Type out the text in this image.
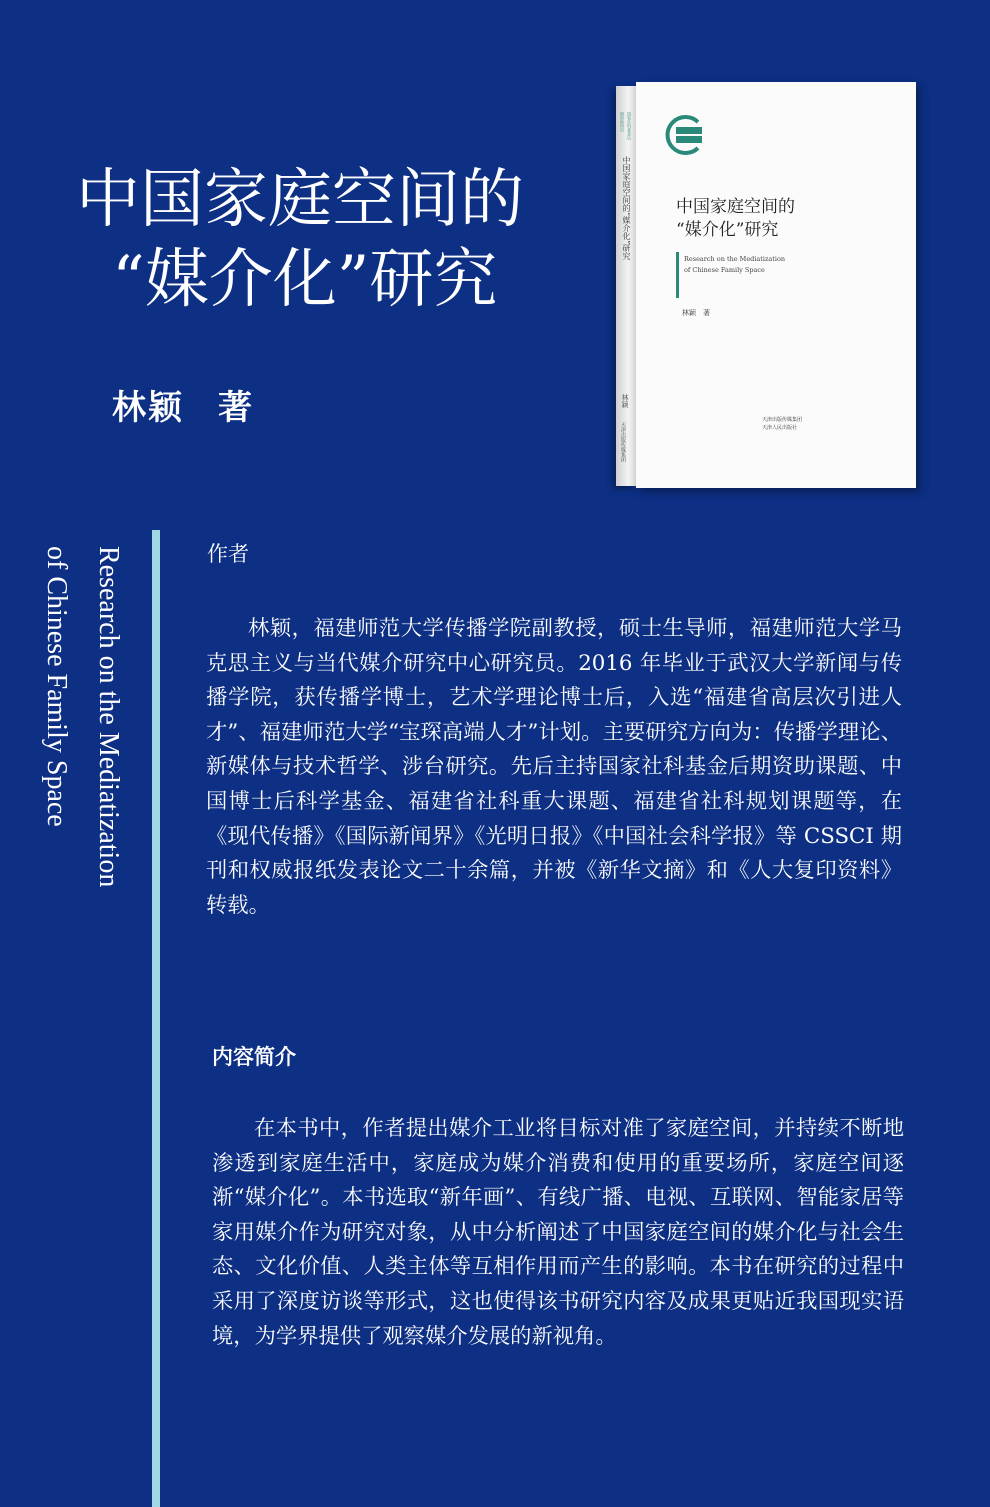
中国家庭空间的
“媒介化”研究
林颖 著
国家社科基金后期资助项目
中国家庭空间的“媒介化”研究
林颖
天津出版传媒集团
中国家庭空间的
“媒介化”研究
Research on the Mediatization
of Chinese Family Space
林颖　著
天津出版传媒集团
天津人民出版社
Research on the Mediatization
of Chinese Family Space	作者

林颖，福建师范大学传播学院副教授，硕士生导师，福建师范大学马克思主义与当代媒介研究中心研究员。2016 年毕业于武汉大学新闻与传播学院，获传播学博士，艺术学理论博士后，入选“福建省高层次引进人才”、福建师范大学“宝琛高端人才”计划。主要研究方向为：传播学理论、新媒体与技术哲学、涉台研究。先后主持国家社科基金后期资助课题、中国博士后科学基金、福建省社科重大课题、福建省社科规划课题等，在《现代传播》《国际新闻界》《光明日报》《中国社会科学报》等 CSSCI 期刊和权威报纸发表论文二十余篇，并被《新华文摘》和《人大复印资料》转载。

内容简介

在本书中，作者提出媒介工业将目标对准了家庭空间，并持续不断地渗透到家庭生活中，家庭成为媒介消费和使用的重要场所，家庭空间逐渐“媒介化”。本书选取“新年画”、有线广播、电视、互联网、智能家居等家用媒介作为研究对象，从中分析阐述了中国家庭空间的媒介化与社会生态、文化价值、人类主体等互相作用而产生的影响。本书在研究的过程中采用了深度访谈等形式，这也使得该书研究内容及成果更贴近我国现实语境，为学界提供了观察媒介发展的新视角。
